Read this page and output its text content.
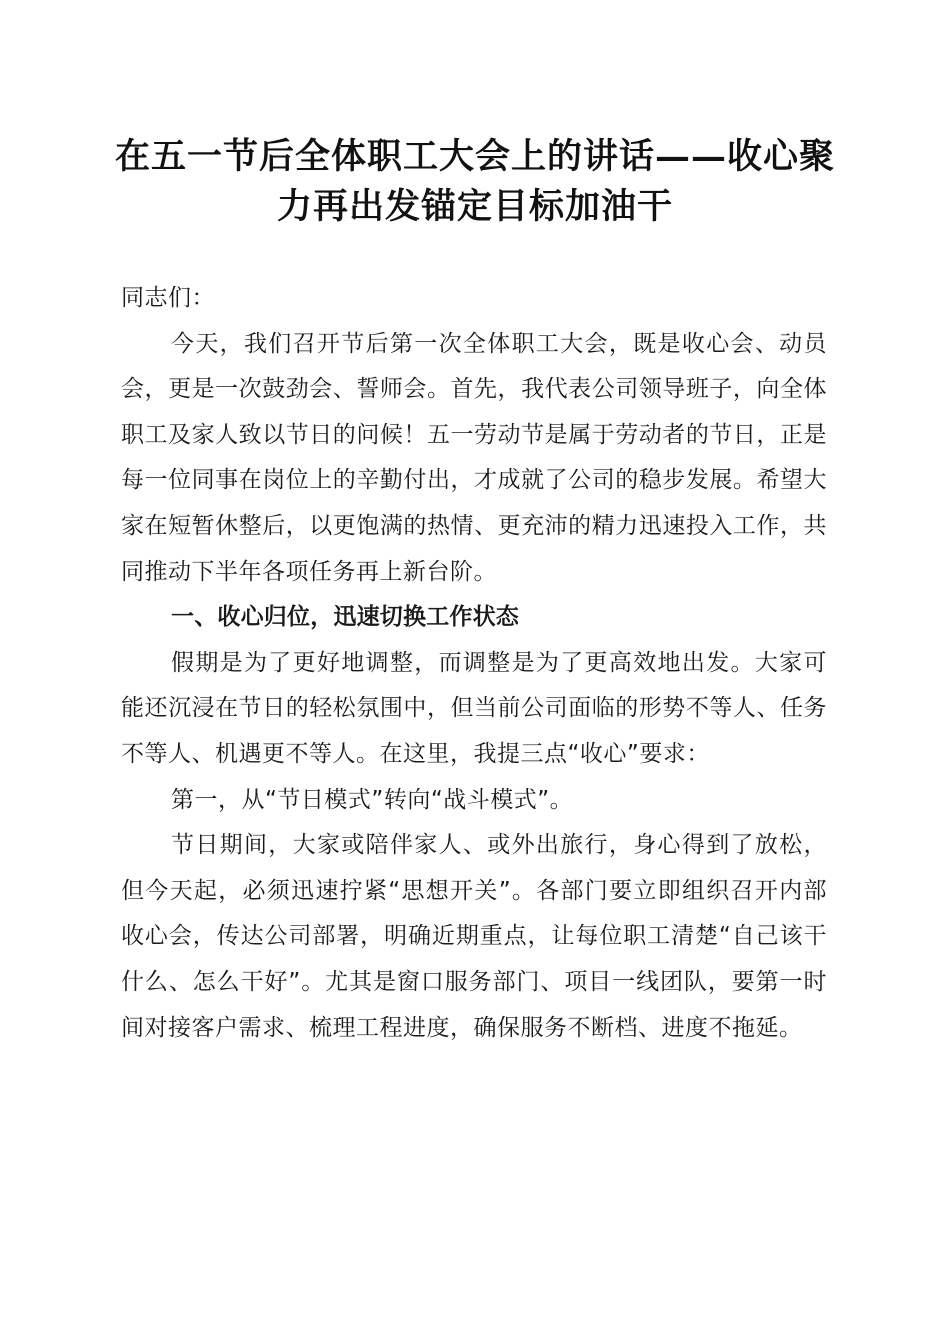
在五一节后全体职工大会上的讲话——收心聚力再出发锚定目标加油干

同志们：

今天，我们召开节后第一次全体职工大会，既是收心会、动员会，更是一次鼓劲会、誓师会。首先，我代表公司领导班子，向全体职工及家人致以节日的问候！五一劳动节是属于劳动者的节日，正是每一位同事在岗位上的辛勤付出，才成就了公司的稳步发展。希望大家在短暂休整后，以更饱满的热情、更充沛的精力迅速投入工作，共同推动下半年各项任务再上新台阶。

一、收心归位，迅速切换工作状态

假期是为了更好地调整，而调整是为了更高效地出发。大家可能还沉浸在节日的轻松氛围中，但当前公司面临的形势不等人、任务不等人、机遇更不等人。在这里，我提三点“收心”要求：

第一，从“节日模式”转向“战斗模式”。

节日期间，大家或陪伴家人、或外出旅行，身心得到了放松，但今天起，必须迅速拧紧“思想开关”。各部门要立即组织召开内部收心会，传达公司部署，明确近期重点，让每位职工清楚“自己该干什么、怎么干好”。尤其是窗口服务部门、项目一线团队，要第一时间对接客户需求、梳理工程进度，确保服务不断档、进度不拖延。
